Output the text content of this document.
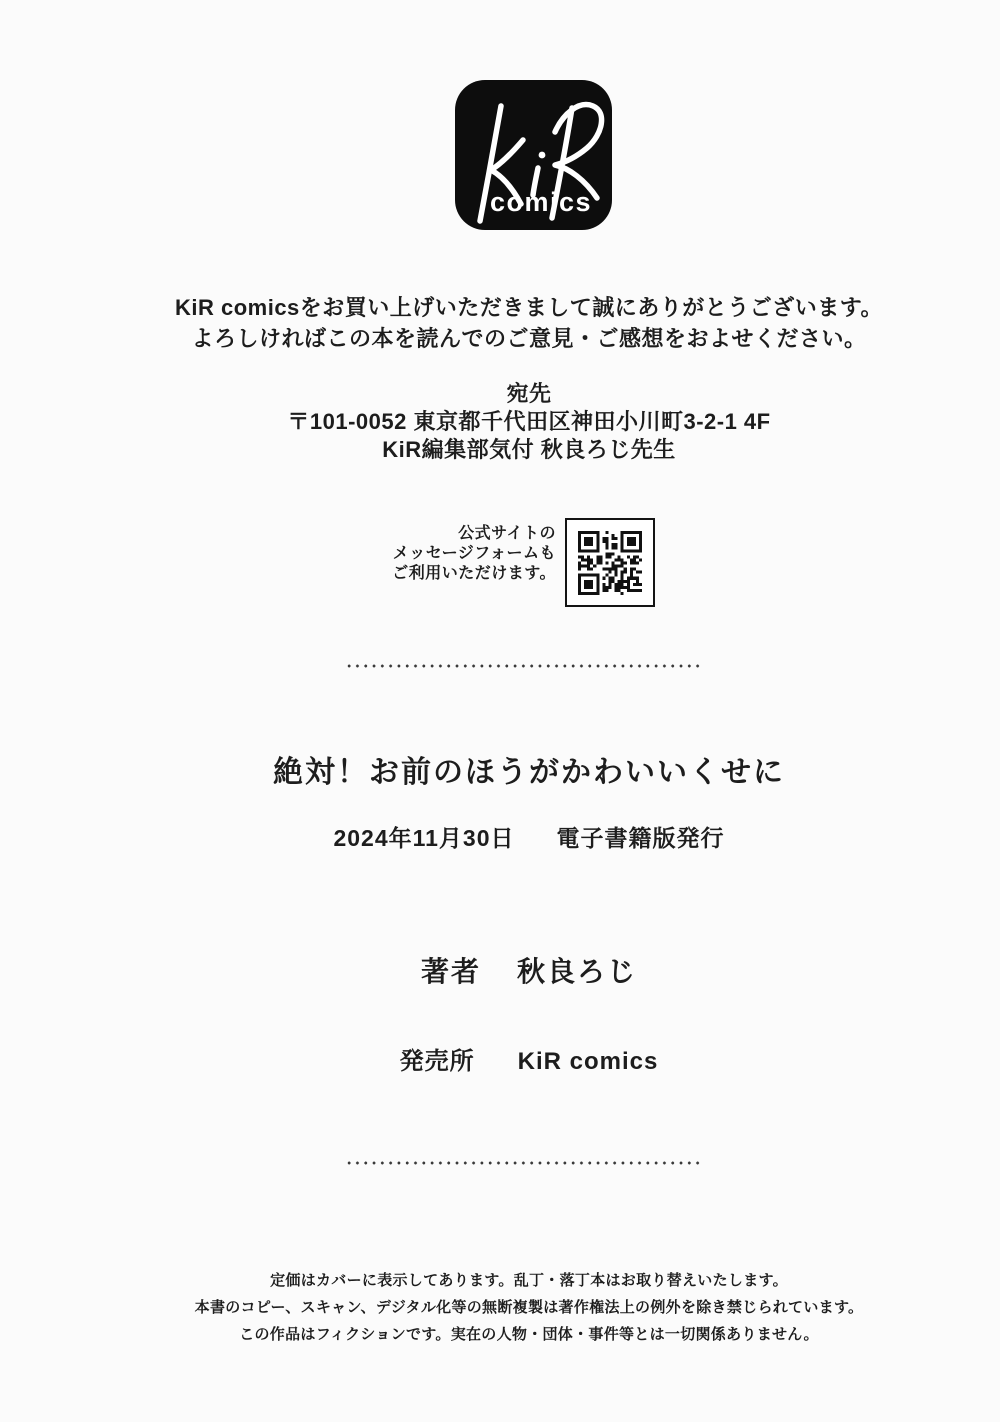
comics
KiR comicsをお買い上げいただきまして誠にありがとうございます。
よろしければこの本を読んでのご意見・ご感想をおよせください。
宛先
〒101-0052 東京都千代田区神田小川町3-2-1 4F
KiR編集部気付 秋良ろじ先生
公式サイトの
メッセージフォームも
ご利用いただけます。
絶対！お前のほうがかわいいくせに
2024年11月30日 電子書籍版発行
著者 秋良ろじ
発売所 KiR comics
定価はカバーに表示してあります。乱丁・落丁本はお取り替えいたします。
本書のコピー、スキャン、デジタル化等の無断複製は著作権法上の例外を除き禁じられています。
この作品はフィクションです。実在の人物・団体・事件等とは一切関係ありません。
